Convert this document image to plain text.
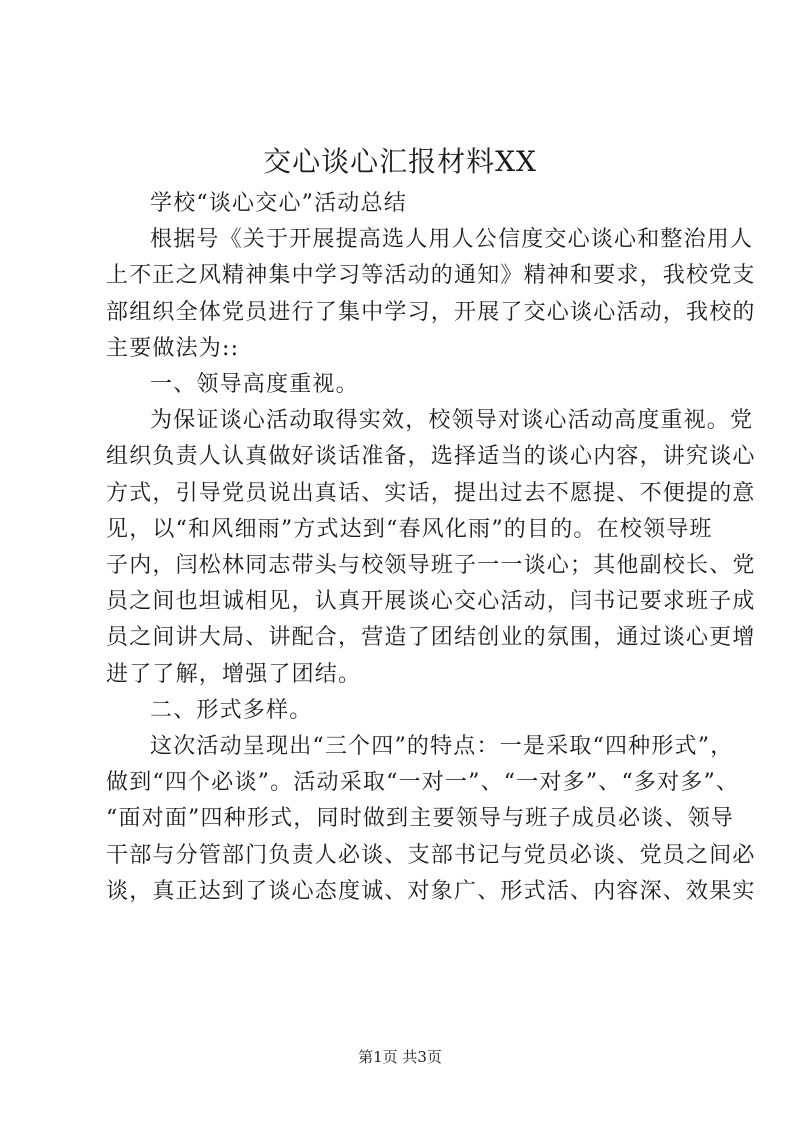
交心谈心汇报材料XX

学校“谈心交心”活动总结

根据号《关于开展提高选人用人公信度交心谈心和整治用人
上不正之风精神集中学习等活动的通知》精神和要求，我校党支
部组织全体党员进行了集中学习，开展了交心谈心活动，我校的
主要做法为::

一、领导高度重视。

为保证谈心活动取得实效，校领导对谈心活动高度重视。党
组织负责人认真做好谈话准备，选择适当的谈心内容，讲究谈心
方式，引导党员说出真话、实话，提出过去不愿提、不便提的意
见，以“和风细雨”方式达到“春风化雨”的目的。在校领导班
子内，闫松林同志带头与校领导班子一一谈心；其他副校长、党
员之间也坦诚相见，认真开展谈心交心活动，闫书记要求班子成
员之间讲大局、讲配合，营造了团结创业的氛围，通过谈心更增
进了了解，增强了团结。

二、形式多样。

这次活动呈现出“三个四”的特点：一是采取“四种形式”，
做到“四个必谈”。活动采取“一对一”、“一对多”、“多对多”、
“面对面”四种形式，同时做到主要领导与班子成员必谈、领导
干部与分管部门负责人必谈、支部书记与党员必谈、党员之间必
谈，真正达到了谈心态度诚、对象广、形式活、内容深、效果实

第1页 共3页
